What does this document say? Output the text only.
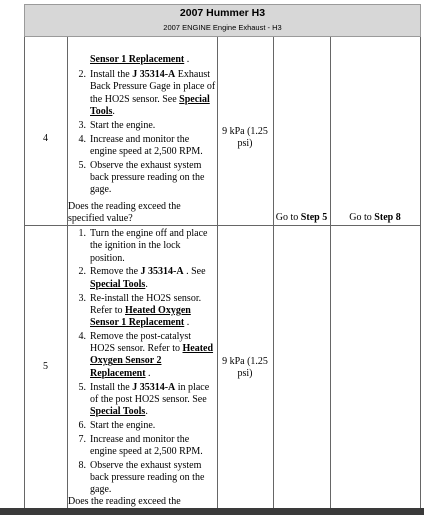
2007 Hummer H3
2007 ENGINE Engine Exhaust - H3
Sensor 1 Replacement .
2. Install the J 35314-A Exhaust
Back Pressure Gage in place of
the HO2S sensor. See Special
Tools.
3. Start the engine.
4. Increase and monitor the
engine speed at 2,500 RPM.
5. Observe the exhaust system
back pressure reading on the
gage.
Does the reading exceed the
specified value?
4
9 kPa (1.25
psi)
Go to Step 5	Go to Step 8
1. Turn the engine off and place
the ignition in the lock
position.
2. Remove the J 35314-A . See
Special Tools.
3. Re-install the HO2S sensor.
Refer to Heated Oxygen
Sensor 1 Replacement .
4. Remove the post-catalyst
HO2S sensor. Refer to Heated
Oxygen Sensor 2
Replacement .
5. Install the J 35314-A in place
of the post HO2S sensor. See
Special Tools.
6. Start the engine.
7. Increase and monitor the
engine speed at 2,500 RPM.
8. Observe the exhaust system
back pressure reading on the
gage.
Does the reading exceed the
5	9 kPa (1.25
psi)
